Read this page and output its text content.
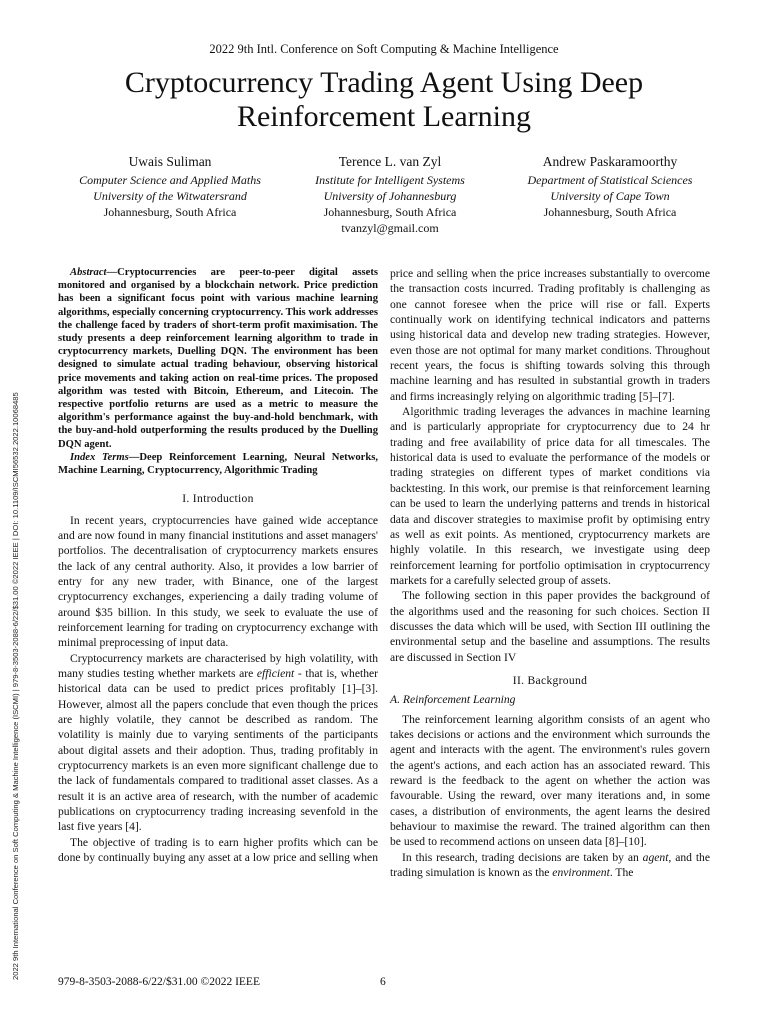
2022 9th Intl. Conference on Soft Computing & Machine Intelligence
Cryptocurrency Trading Agent Using Deep
Reinforcement Learning
Uwais Suliman
Computer Science and Applied Maths
University of the Witwatersrand
Johannesburg, South Africa
Terence L. van Zyl
Institute for Intelligent Systems
University of Johannesburg
Johannesburg, South Africa
tvanzyl@gmail.com
Andrew Paskaramoorthy
Department of Statistical Sciences
University of Cape Town
Johannesburg, South Africa
2022 9th International Conference on Soft Computing & Machine Intelligence (ISCMI) | 979-8-3503-2088-6/22/$31.00 ©2022 IEEE | DOI: 10.1109/ISCMI56532.2022.10068485

Abstract—Cryptocurrencies are peer-to-peer digital assets monitored and organised by a blockchain network. Price prediction has been a significant focus point with various machine learning algorithms, especially concerning cryptocurrency. This work addresses the challenge faced by traders of short-term profit maximisation. The study presents a deep reinforcement learning algorithm to trade in cryptocurrency markets, Duelling DQN. The environment has been designed to simulate actual trading behaviour, observing historical price movements and taking action on real-time prices. The proposed algorithm was tested with Bitcoin, Ethereum, and Litecoin. The respective portfolio returns are used as a metric to measure the algorithm's performance against the buy-and-hold benchmark, with the buy-and-hold outperforming the results produced by the Duelling DQN agent.

Index Terms—Deep Reinforcement Learning, Neural Networks, Machine Learning, Cryptocurrency, Algorithmic Trading

I. Introduction

In recent years, cryptocurrencies have gained wide acceptance and are now found in many financial institutions and asset managers' portfolios. The decentralisation of cryptocurrency markets ensures the lack of any central authority. Also, it provides a low barrier of entry for any new trader, with Binance, one of the largest cryptocurrency exchanges, experiencing a daily trading volume of around $35 billion. In this study, we seek to evaluate the use of reinforcement learning for trading on cryptocurrency exchange with minimal preprocessing of input data.

Cryptocurrency markets are characterised by high volatility, with many studies testing whether markets are efficient - that is, whether historical data can be used to predict prices profitably [1]–[3]. However, almost all the papers conclude that even though the prices are highly volatile, they cannot be described as random. The volatility is mainly due to varying sentiments of the participants about digital assets and their adoption. Thus, trading profitably in cryptocurrency markets is an even more significant challenge due to the lack of fundamentals compared to traditional asset classes. As a result it is an active area of research, with the number of academic publications on cryptocurrency trading increasing sevenfold in the last five years [4].

The objective of trading is to earn higher profits which can be done by continually buying any asset at a low price and selling when

price and selling when the price increases substantially to overcome the transaction costs incurred. Trading profitably is challenging as one cannot foresee when the price will rise or fall. Experts continually work on identifying technical indicators and patterns using historical data and develop new trading strategies. However, even those are not optimal for many market conditions. Throughout recent years, the focus is shifting towards solving this through machine learning and has resulted in substantial growth in traders and firms increasingly relying on algorithmic trading [5]–[7].

Algorithmic trading leverages the advances in machine learning and is particularly appropriate for cryptocurrency due to 24 hr trading and free availability of price data for all timescales. The historical data is used to evaluate the performance of the models or trading strategies on different types of market conditions via backtesting. In this work, our premise is that reinforcement learning can be used to learn the underlying patterns and trends in historical data and discover strategies to maximise profit by optimising entry as well as exit points. As mentioned, cryptocurrency markets are highly volatile. In this research, we investigate using deep reinforcement learning for portfolio optimisation in cryptocurrency markets for a carefully selected group of assets.

The following section in this paper provides the background of the algorithms used and the reasoning for such choices. Section II discusses the data which will be used, with Section III outlining the environmental setup and the baseline and assumptions. The results are discussed in Section IV

II. Background
A. Reinforcement Learning

The reinforcement learning algorithm consists of an agent who takes decisions or actions and the environment which surrounds the agent and interacts with the agent. The environment's rules govern the agent's actions, and each action has an associated reward. This reward is the feedback to the agent on whether the action was favourable. Using the reward, over many iterations and, in some cases, a distribution of environments, the agent learns the desired behaviour to maximise the reward. The trained algorithm can then be used to recommend actions on unseen data [8]–[10].

In this research, trading decisions are taken by an agent, and the trading simulation is known as the environment. The

979-8-3503-2088-6/22/$31.00 ©2022 IEEE	6
